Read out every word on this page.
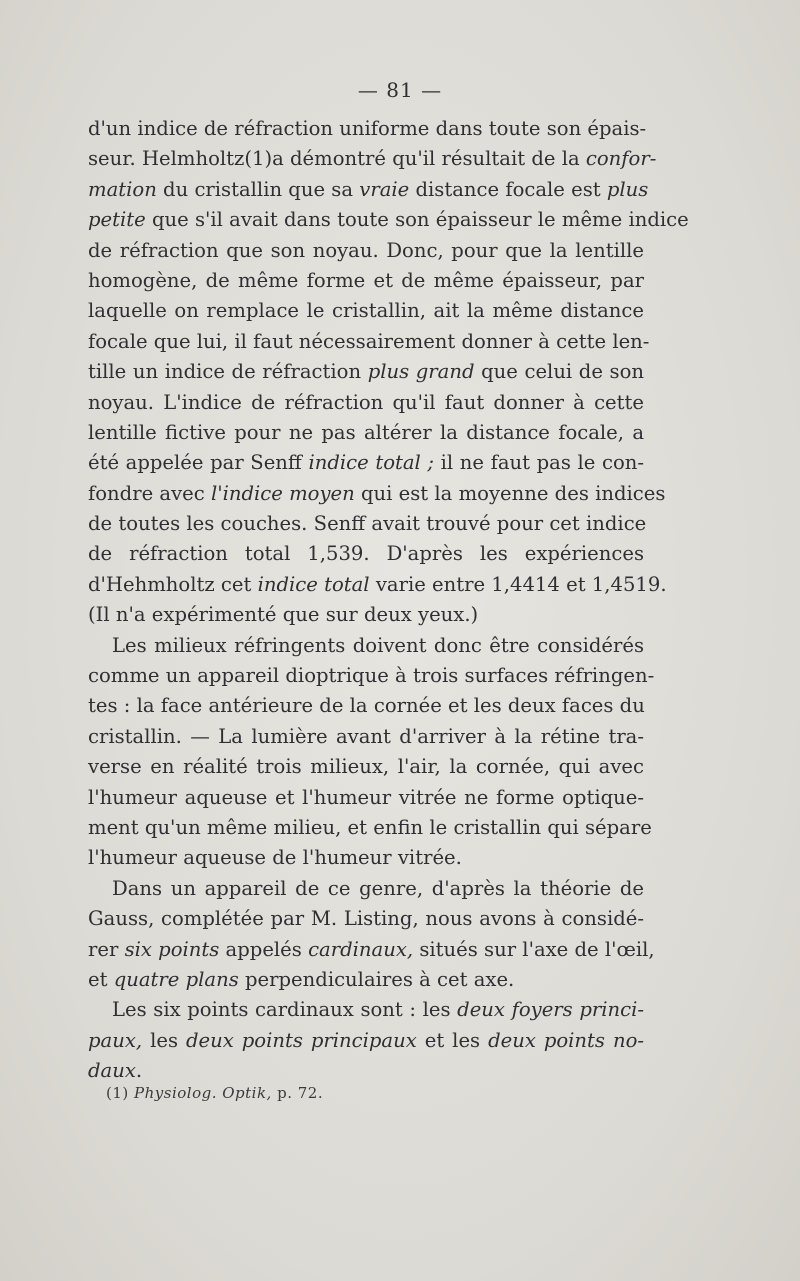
— 81 —
d'un indice de réfraction uniforme dans toute son épais-
seur. Helmholtz(1)a démontré qu'il résultait de la confor-
mation du cristallin que sa vraie distance focale est plus
petite que s'il avait dans toute son épaisseur le même indice
de réfraction que son noyau. Donc, pour que la lentille
homogène, de même forme et de même épaisseur, par
laquelle on remplace le cristallin, ait la même distance
focale que lui, il faut nécessairement donner à cette len-
tille un indice de réfraction plus grand que celui de son
noyau. L'indice de réfraction qu'il faut donner à cette
lentille fictive pour ne pas altérer la distance focale, a
été appelée par Senff indice total ; il ne faut pas le con-
fondre avec l'indice moyen qui est la moyenne des indices
de toutes les couches. Senff avait trouvé pour cet indice
de réfraction total 1,539. D'après les expériences
d'Hehmholtz cet indice total varie entre 1,4414 et 1,4519.
(Il n'a expérimenté que sur deux yeux.)
Les milieux réfringents doivent donc être considérés
comme un appareil dioptrique à trois surfaces réfringen-
tes : la face antérieure de la cornée et les deux faces du
cristallin. — La lumière avant d'arriver à la rétine tra-
verse en réalité trois milieux, l'air, la cornée, qui avec
l'humeur aqueuse et l'humeur vitrée ne forme optique-
ment qu'un même milieu, et enfin le cristallin qui sépare
l'humeur aqueuse de l'humeur vitrée.
Dans un appareil de ce genre, d'après la théorie de
Gauss, complétée par M. Listing, nous avons à considé-
rer six points appelés cardinaux, situés sur l'axe de l'œil,
et quatre plans perpendiculaires à cet axe.
Les six points cardinaux sont : les deux foyers princi-
paux, les deux points principaux et les deux points no-
daux.
(1) Physiolog. Optik, p. 72.
